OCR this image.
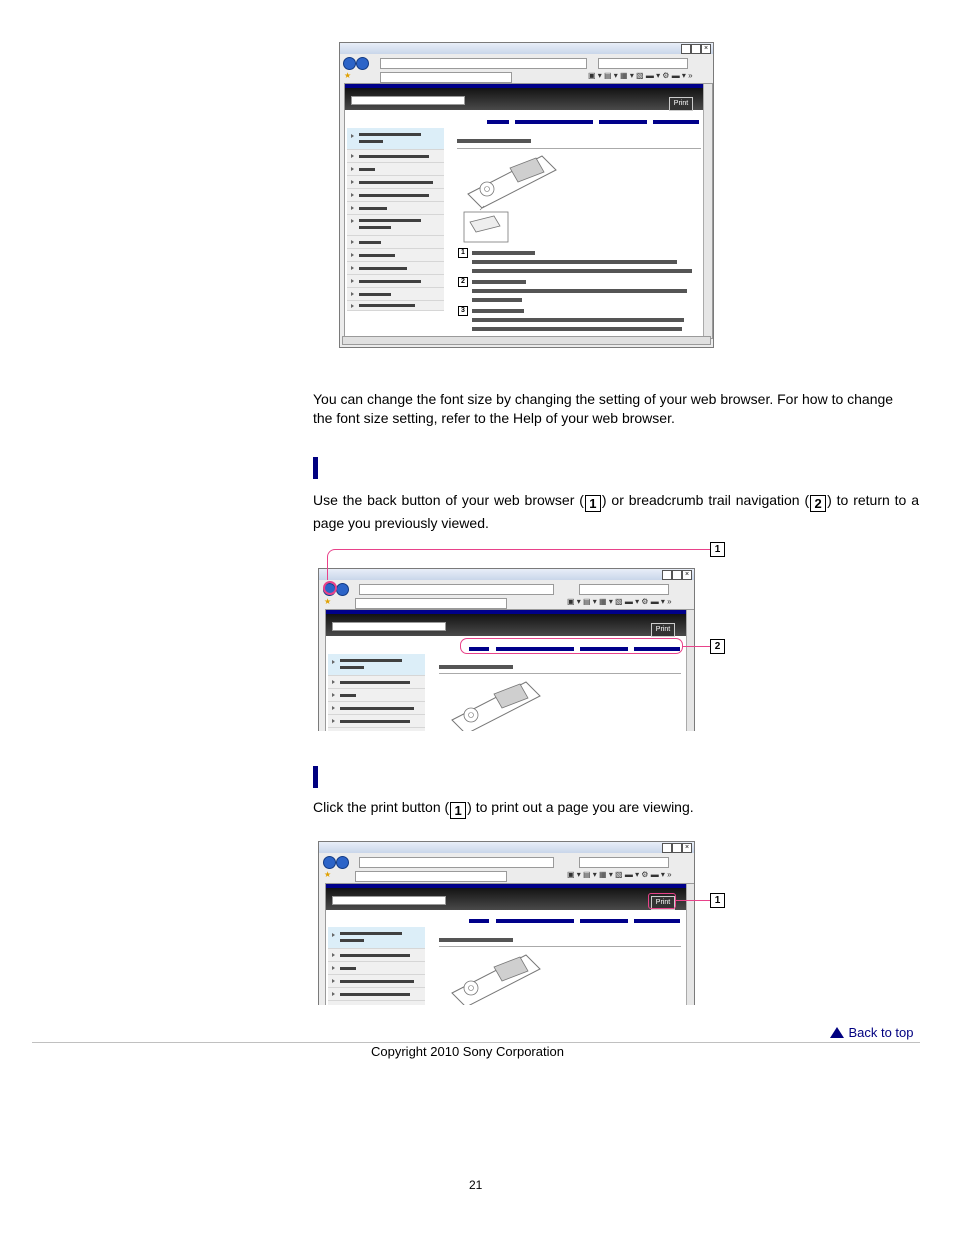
×
★	▣ ▾ ▤ ▾ ▦ ▾ ▧ ▬ ▾ ⚙ ▬ ▾ »
Print
1
2
3
You can change the font size by changing the setting of your web browser. For how to change the font size setting, refer to the Help of your web browser.
Use the back button of your web browser ( 1 ) or breadcrumb trail navigation ( 2 ) to return to a page you previously viewed.
×
★	▣ ▾ ▤ ▾ ▦ ▾ ▧ ▬ ▾ ⚙ ▬ ▾ »
Print
1
2
Click the print button ( 1 ) to print out a page you are viewing.
×
★	▣ ▾ ▤ ▾ ▦ ▾ ▧ ▬ ▾ ⚙ ▬ ▾ »
Print	1
Back to top
Copyright 2010 Sony Corporation
21
